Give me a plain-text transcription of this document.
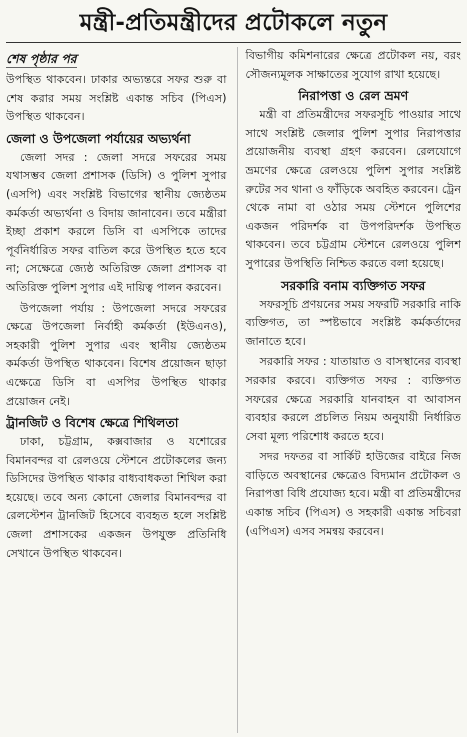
মন্ত্রী-প্রতিমন্ত্রীদের প্রটোকলে নতুন
শেষ পৃষ্ঠার পর

উপস্থিত থাকবেন। ঢাকার অভ্যন্তরে সফর শুরু বা শেষ করার সময় সংশ্লিষ্ট একান্ত সচিব (পিএস) উপস্থিত থাকবেন।

জেলা ও উপজেলা পর্যায়ের অভ্যর্থনা

জেলা সদর : জেলা সদরে সফরের সময় যথাসম্ভব জেলা প্রশাসক (ডিসি) ও পুলিশ সুপার (এসপি) এবং সংশ্লিষ্ট বিভাগের স্থানীয় জ্যেষ্ঠতম কর্মকর্তা অভ্যর্থনা ও বিদায় জানাবেন। তবে মন্ত্রীরা ইচ্ছা প্রকাশ করলে ডিসি বা এসপিকে তাদের পূর্বনির্ধারিত সফর বাতিল করে উপস্থিত হতে হবে না; সেক্ষেত্রে জ্যেষ্ঠ অতিরিক্ত জেলা প্রশাসক বা অতিরিক্ত পুলিশ সুপার এই দায়িত্ব পালন করবেন।

উপজেলা পর্যায় : উপজেলা সদরে সফরের ক্ষেত্রে উপজেলা নির্বাহী কর্মকর্তা (ইউএনও), সহকারী পুলিশ সুপার এবং স্থানীয় জ্যেষ্ঠতম কর্মকর্তা উপস্থিত থাকবেন। বিশেষ প্রয়োজন ছাড়া এক্ষেত্রে ডিসি বা এসপির উপস্থিত থাকার প্রয়োজন নেই।

ট্রানজিট ও বিশেষ ক্ষেত্রে শিথিলতা

ঢাকা, চট্টগ্রাম, কক্সবাজার ও যশোরের বিমানবন্দর বা রেলওয়ে স্টেশনে প্রটোকলের জন্য ডিসিদের উপস্থিত থাকার বাধ্যবাধকতা শিথিল করা হয়েছে। তবে অন্য কোনো জেলার বিমানবন্দর বা রেলস্টেশন ট্রানজিট হিসেবে ব্যবহৃত হলে সংশ্লিষ্ট জেলা প্রশাসকের একজন উপযুক্ত প্রতিনিধি সেখানে উপস্থিত থাকবেন।

বিভাগীয় কমিশনারের ক্ষেত্রে প্রটোকল নয়, বরং সৌজন্যমূলক সাক্ষাতের সুযোগ রাখা হয়েছে।

নিরাপত্তা ও রেল ভ্রমণ

মন্ত্রী বা প্রতিমন্ত্রীদের সফরসূচি পাওয়ার সাথে সাথে সংশ্লিষ্ট জেলার পুলিশ সুপার নিরাপত্তার প্রয়োজনীয় ব্যবস্থা গ্রহণ করবেন। রেলযোগে ভ্রমণের ক্ষেত্রে রেলওয়ে পুলিশ সুপার সংশ্লিষ্ট রুটের সব থানা ও ফাঁড়িকে অবহিত করবেন। ট্রেন থেকে নামা বা ওঠার সময় স্টেশনে পুলিশের একজন পরিদর্শক বা উপপরিদর্শক উপস্থিত থাকবেন। তবে চট্টগ্রাম স্টেশনে রেলওয়ে পুলিশ সুপারের উপস্থিতি নিশ্চিত করতে বলা হয়েছে।

সরকারি বনাম ব্যক্তিগত সফর

সফরসূচি প্রণয়নের সময় সফরটি সরকারি নাকি ব্যক্তিগত, তা স্পষ্টভাবে সংশ্লিষ্ট কর্মকর্তাদের জানাতে হবে।

সরকারি সফর : যাতায়াত ও বাসস্থানের ব্যবস্থা সরকার করবে। ব্যক্তিগত সফর : ব্যক্তিগত সফরের ক্ষেত্রে সরকারি যানবাহন বা আবাসন ব্যবহার করলে প্রচলিত নিয়ম অনুযায়ী নির্ধারিত সেবা মূল্য পরিশোধ করতে হবে।

সদর দফতর বা সার্কিট হাউজের বাইরে নিজ বাড়িতে অবস্থানের ক্ষেত্রেও বিদ্যমান প্রটোকল ও নিরাপত্তা বিধি প্রযোজ্য হবে। মন্ত্রী বা প্রতিমন্ত্রীদের একান্ত সচিব (পিএস) ও সহকারী একান্ত সচিবরা (এপিএস) এসব সমন্বয় করবেন।
